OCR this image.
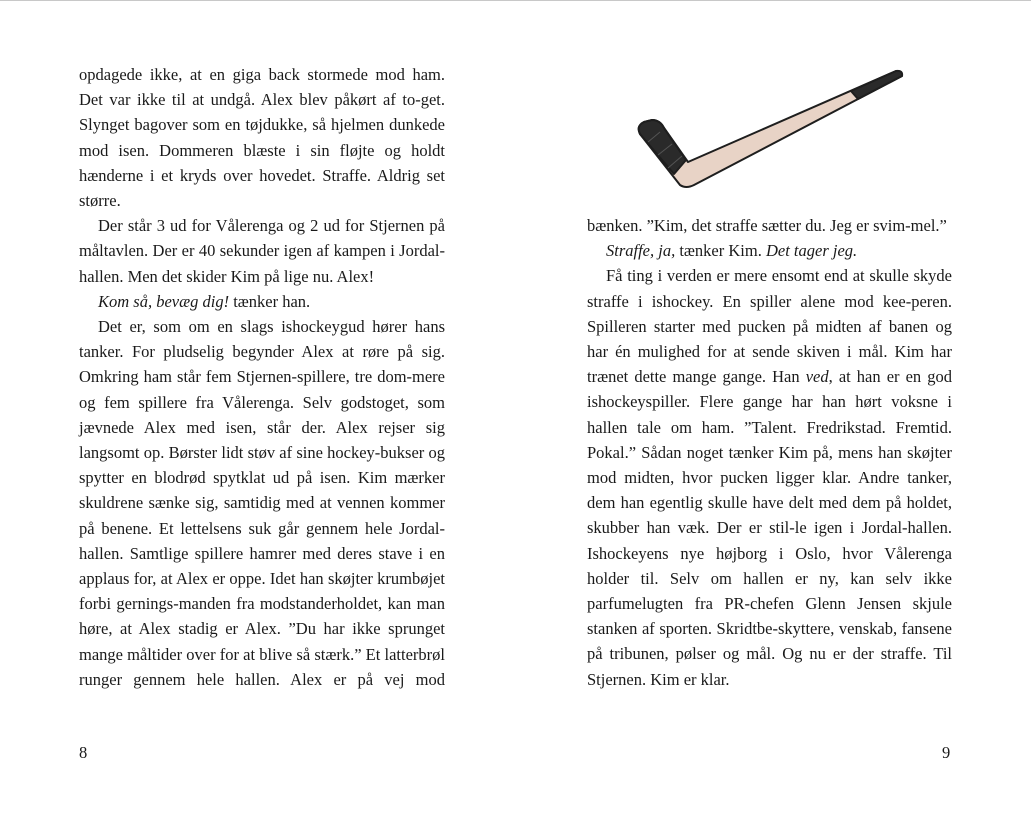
opdagede ikke, at en giga back stormede mod ham. Det var ikke til at undgå. Alex blev påkørt af to-get. Slynget bagover som en tøjdukke, så hjelmen dunkede mod isen. Dommeren blæste i sin fløjte og holdt hænderne i et kryds over hovedet. Straffe. Aldrig set større.

Der står 3 ud for Vålerenga og 2 ud for Stjernen på måltavlen. Der er 40 sekunder igen af kampen i Jordal-hallen. Men det skider Kim på lige nu. Alex!

Kom så, bevæg dig! tænker han.

Det er, som om en slags ishockeygud hører hans tanker. For pludselig begynder Alex at røre på sig. Omkring ham står fem Stjernen-spillere, tre dom-mere og fem spillere fra Vålerenga. Selv godstoget, som jævnede Alex med isen, står der. Alex rejser sig langsomt op. Børster lidt støv af sine hockey-bukser og spytter en blodrød spytklat ud på isen. Kim mærker skuldrene sænke sig, samtidig med at vennen kommer på benene. Et lettelsens suk går gennem hele Jordal-hallen. Samtlige spillere hamrer med deres stave i en applaus for, at Alex er oppe. Idet han skøjter krumbøjet forbi gernings-manden fra modstanderholdet, kan man høre, at Alex stadig er Alex. ”Du har ikke sprunget mange måltider over for at blive så stærk.” Et latterbrøl runger gennem hele hallen. Alex er på vej mod

bænken. ”Kim, det straffe sætter du. Jeg er svim-mel.”

Straffe, ja, tænker Kim. Det tager jeg.

Få ting i verden er mere ensomt end at skulle skyde straffe i ishockey. En spiller alene mod kee-peren. Spilleren starter med pucken på midten af banen og har én mulighed for at sende skiven i mål. Kim har trænet dette mange gange. Han ved, at han er en god ishockeyspiller. Flere gange har han hørt voksne i hallen tale om ham. ”Talent. Fredrikstad. Fremtid. Pokal.” Sådan noget tænker Kim på, mens han skøjter mod midten, hvor pucken ligger klar. Andre tanker, dem han egentlig skulle have delt med dem på holdet, skubber han væk. Der er stil-le igen i Jordal-hallen. Ishockeyens nye højborg i Oslo, hvor Vålerenga holder til. Selv om hallen er ny, kan selv ikke parfumelugten fra PR-chefen Glenn Jensen skjule stanken af sporten. Skridtbe-skyttere, venskab, fansene på tribunen, pølser og mål. Og nu er der straffe. Til Stjernen. Kim er klar.

8	9
